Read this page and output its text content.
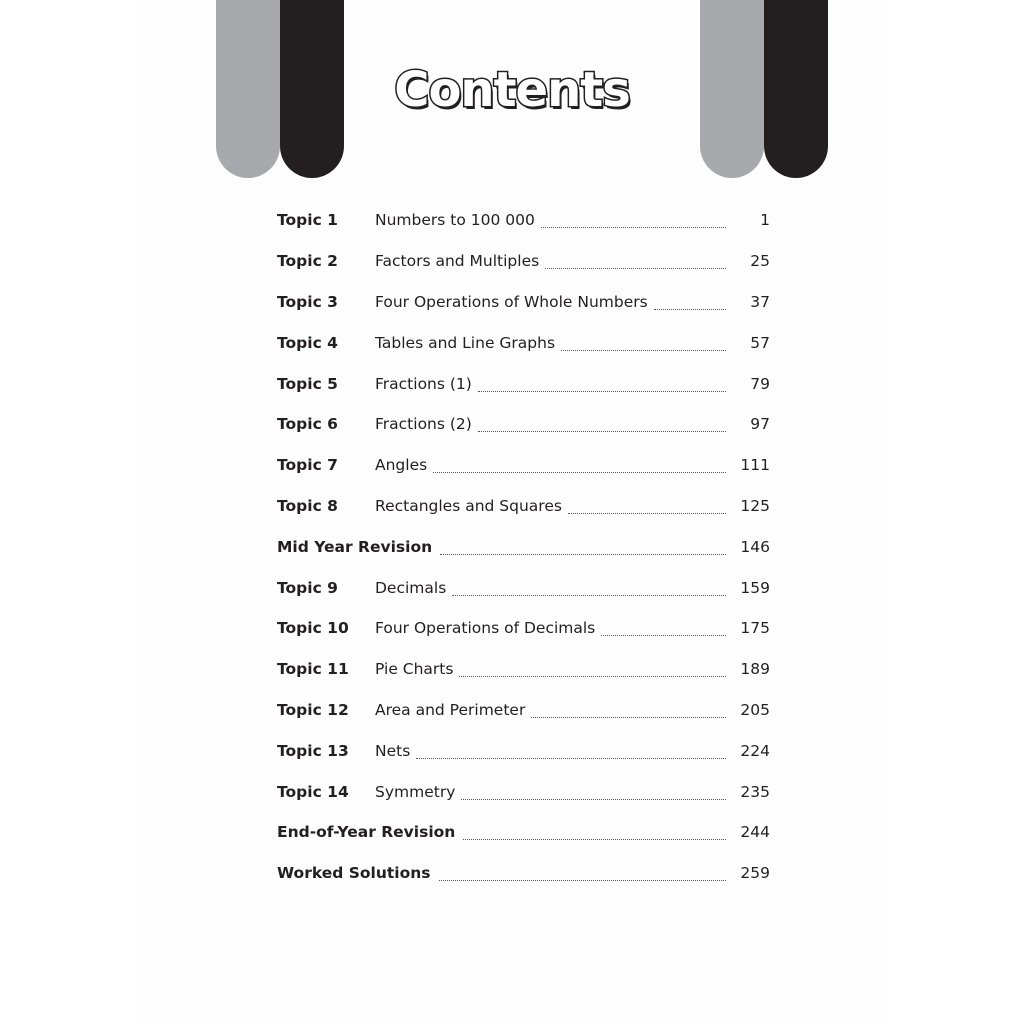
Contents
Topic 1	Numbers to 100 000	1
Topic 2	Factors and Multiples	25
Topic 3	Four Operations of Whole Numbers	37
Topic 4	Tables and Line Graphs	57
Topic 5	Fractions (1)	79
Topic 6	Fractions (2)	97
Topic 7	Angles	111
Topic 8	Rectangles and Squares	125
Mid Year Revision	146
Topic 9	Decimals	159
Topic 10	Four Operations of Decimals	175
Topic 11	Pie Charts	189
Topic 12	Area and Perimeter	205
Topic 13	Nets	224
Topic 14	Symmetry	235
End-of-Year Revision	244
Worked Solutions	259
